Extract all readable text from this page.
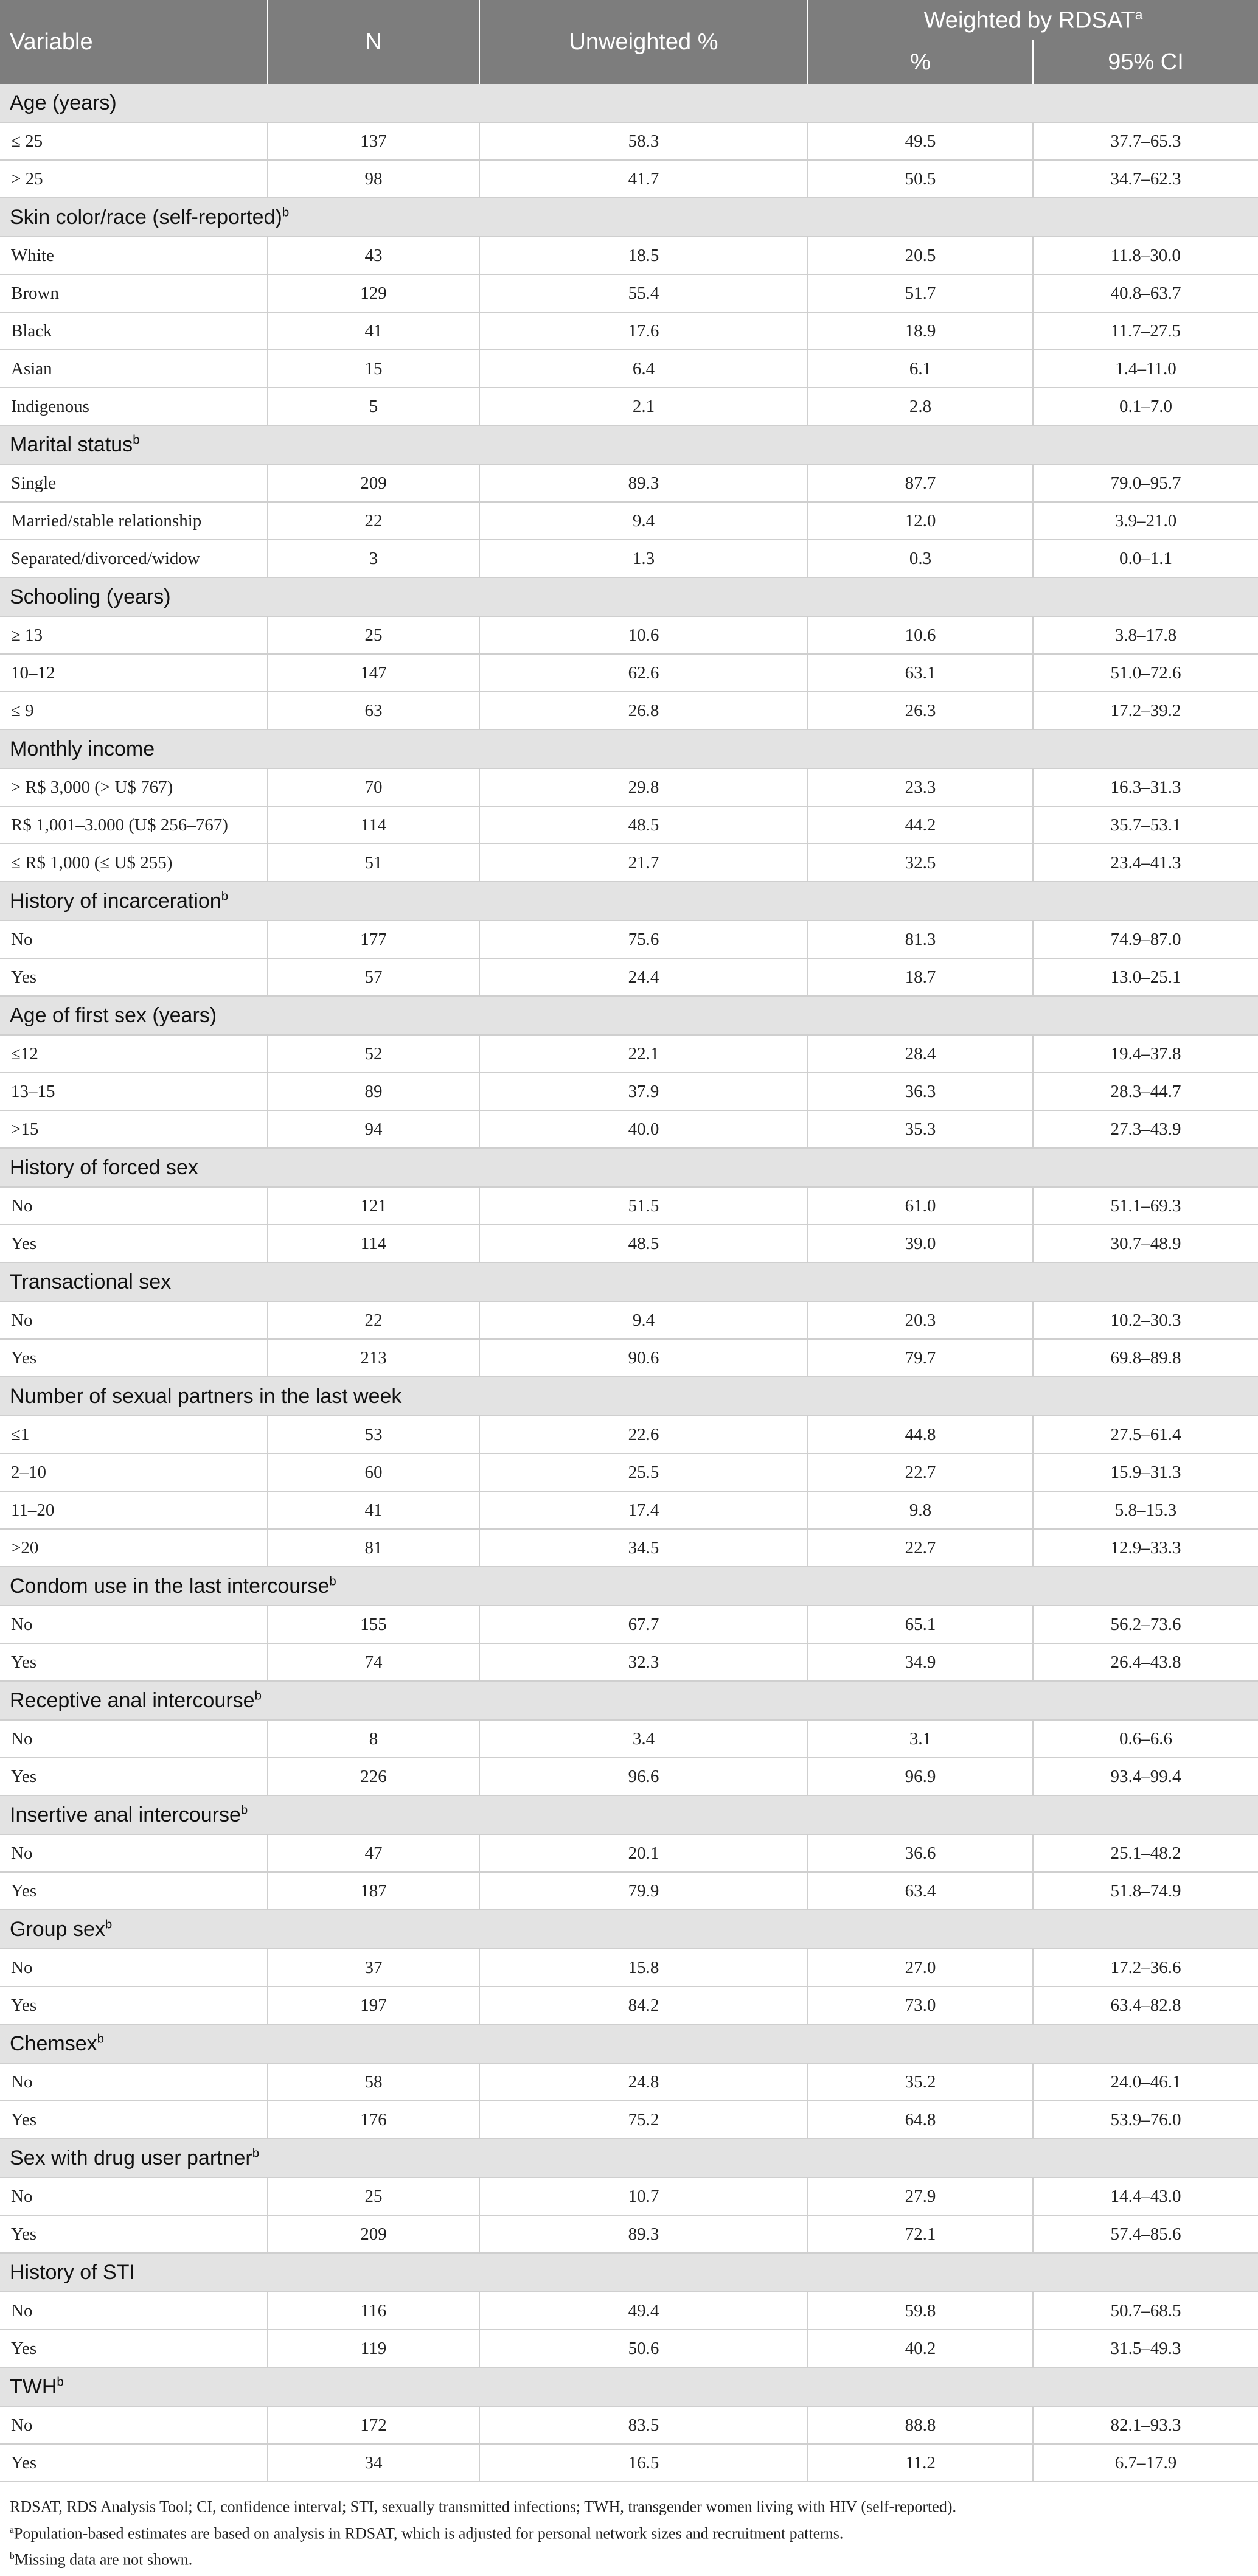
Variable	N	Unweighted %	Weighted by RDSAT$^a$
			%	95% CI
Age (years)				
≤ 25	137	58.3	49.5	37.7–65.3
> 25	98	41.7	50.5	34.7–62.3
Skin color/race (self-reported)$^b$
White	43	18.5	20.5	11.8–30.0
Brown	129	55.4	51.7	40.8–63.7
Black	41	17.6	18.9	11.7–27.5
Asian	15	6.4	6.1	1.4–11.0
Indigenous	5	2.1	2.8	0.1–7.0
Marital status$^b$
Single	209	89.3	87.7	79.0–95.7
Married/stable relationship	22	9.4	12.0	3.9–21.0
Separated/divorced/widow	3	1.3	0.3	0.0–1.1
Schooling (years)				
≥ 13	25	10.6	10.6	3.8–17.8
10–12	147	62.6	63.1	51.0–72.6
≤ 9	63	26.8	26.3	17.2–39.2
Monthly income				
> R$ 3,000 (> U$ 767)	70	29.8	23.3	16.3–31.3
R$ 1,001–3.000 (U$ 256–767)	114	48.5	44.2	35.7–53.1
≤ R$ 1,000 (≤ U$ 255)	51	21.7	32.5	23.4–41.3
History of incarceration$^b$
No	177	75.6	81.3	74.9–87.0
Yes	57	24.4	18.7	13.0–25.1
Age of first sex (years)				
≤12	52	22.1	28.4	19.4–37.8
13–15	89	37.9	36.3	28.3–44.7
>15	94	40.0	35.3	27.3–43.9
History of forced sex				
No	121	51.5	61.0	51.1–69.3
Yes	114	48.5	39.0	30.7–48.9
Transactional sex				
No	22	9.4	20.3	10.2–30.3
Yes	213	90.6	79.7	69.8–89.8
Number of sexual partners in the last week				
≤1	53	22.6	44.8	27.5–61.4
2–10	60	25.5	22.7	15.9–31.3
11–20	41	17.4	9.8	5.8–15.3
>20	81	34.5	22.7	12.9–33.3
Condom use in the last intercourse$^b$
No	155	67.7	65.1	56.2–73.6
Yes	74	32.3	34.9	26.4–43.8
Receptive anal intercourse$^b$
No	8	3.4	3.1	0.6–6.6
Yes	226	96.6	96.9	93.4–99.4
Insertive anal intercourse$^b$
No	47	20.1	36.6	25.1–48.2
Yes	187	79.9	63.4	51.8–74.9
Group sex$^b$
No	37	15.8	27.0	17.2–36.6
Yes	197	84.2	73.0	63.4–82.8
Chemsex$^b$
No	58	24.8	35.2	24.0–46.1
Yes	176	75.2	64.8	53.9–76.0
Sex with drug user partner$^b$
No	25	10.7	27.9	14.4–43.0
Yes	209	89.3	72.1	57.4–85.6
History of STI				
No	116	49.4	59.8	50.7–68.5
Yes	119	50.6	40.2	31.5–49.3
TWH$^b$
No	172	83.5	88.8	82.1–93.3
Yes	34	16.5	11.2	6.7–17.9
RDSAT, RDS Analysis Tool; CI, confidence interval; STI, sexually transmitted infections; TWH, transgender women living with HIV (self-reported).
$^a$Population-based estimates are based on analysis in RDSAT, which is adjusted for personal network sizes and recruitment patterns.
$^b$Missing data are not shown.
